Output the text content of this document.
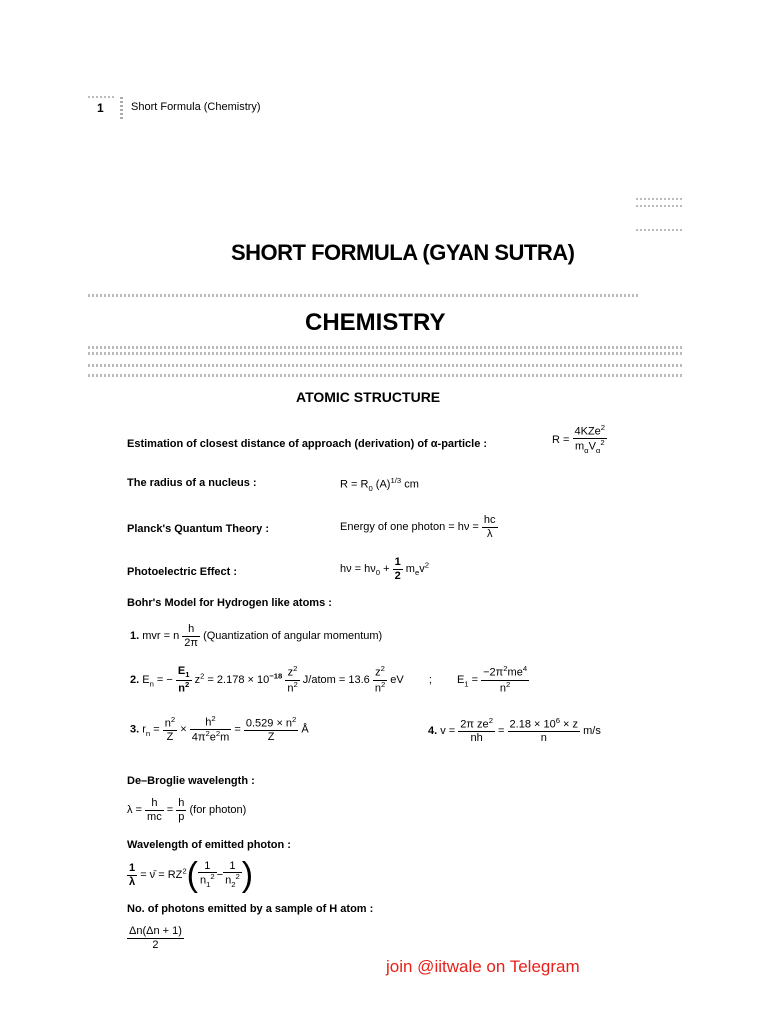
1 Short Formula (Chemistry)
SHORT FORMULA (GYAN SUTRA)
CHEMISTRY
ATOMIC STRUCTURE
Estimation of closest distance of approach (derivation) of α-particle :	$R = \frac{4KZe^2}{m_\alpha V_\alpha^2}$
The radius of a nucleus :	$R = R_0$ $(A)^{1/3}$ cm
Planck's Quantum Theory :	Energy of one photon = $h\nu = \frac{hc}{\lambda}$
Photoelectric Effect :	$h\nu = h\nu_0 + \frac{1}{2} m_ev^2$
Bohr's Model for Hydrogen like atoms :
1. mvr = n $\frac{h}{2\pi}$ (Quantization of angular momentum)
2. $E_n$ = − $\frac{E_1}{n^2} z^2 = 2.178 \times 10^{-18} \frac{z^2}{n^2}$ J/atom = $13.6 \frac{z^2}{n^2}$ eV ; $E_1 = \frac{-2\pi^2me^4}{n^2}$
3. $r_n = \frac{n^2}{Z} \times \frac{h^2}{4\pi^2e^2m} = \frac{0.529 \times n^2}{Z}$ Å	4. $v = \frac{2\pi ze^2}{nh} = \frac{2.18 \times 10^6 \times z}{n} m/s$
De–Broglie wavelength :
$\lambda = \frac{h}{mc} = \frac{h}{p} (for$ photon)
Wavelength of emitted photon :
$\frac{1}{\lambda}$ = ν̄ = $RZ^2( \frac{1}{n_1^2} - \frac{1}{n_2^2}$ )
No. of photons emitted by a sample of H atom :
$\frac{\Delta n(\Delta n + 1)}{2}$
join @iitwale on Telegram
